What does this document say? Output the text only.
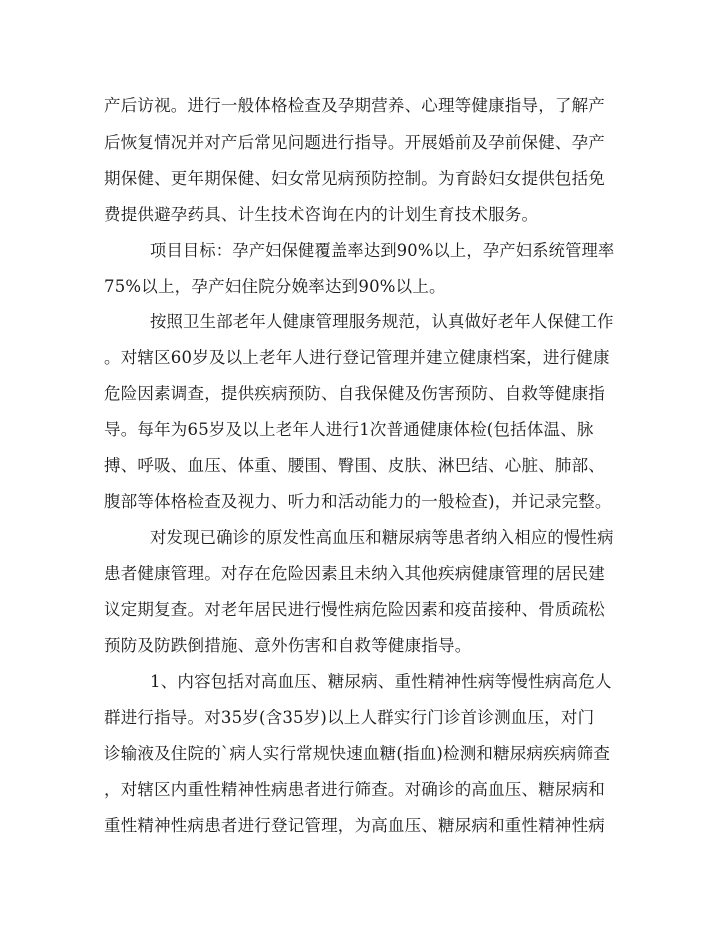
产后访视。进行一般体格检查及孕期营养、心理等健康指导，了解产
后恢复情况并对产后常见问题进行指导。开展婚前及孕前保健、孕产
期保健、更年期保健、妇女常见病预防控制。为育龄妇女提供包括免
费提供避孕药具、计生技术咨询在内的计划生育技术服务。
项目目标：孕产妇保健覆盖率达到90%以上，孕产妇系统管理率
75%以上，孕产妇住院分娩率达到90%以上。
按照卫生部老年人健康管理服务规范，认真做好老年人保健工作
。对辖区60岁及以上老年人进行登记管理并建立健康档案，进行健康
危险因素调查，提供疾病预防、自我保健及伤害预防、自救等健康指
导。每年为65岁及以上老年人进行1次普通健康体检(包括体温、脉
搏、呼吸、血压、体重、腰围、臀围、皮肤、淋巴结、心脏、肺部、
腹部等体格检查及视力、听力和活动能力的一般检查)，并记录完整。
对发现已确诊的原发性高血压和糖尿病等患者纳入相应的慢性病
患者健康管理。对存在危险因素且未纳入其他疾病健康管理的居民建
议定期复查。对老年居民进行慢性病危险因素和疫苗接种、骨质疏松
预防及防跌倒措施、意外伤害和自救等健康指导。
1、内容包括对高血压、糖尿病、重性精神性病等慢性病高危人
群进行指导。对35岁(含35岁)以上人群实行门诊首诊测血压，对门
诊输液及住院的`病人实行常规快速血糖(指血)检测和糖尿病疾病筛查
，对辖区内重性精神性病患者进行筛查。对确诊的高血压、糖尿病和
重性精神性病患者进行登记管理，为高血压、糖尿病和重性精神性病
